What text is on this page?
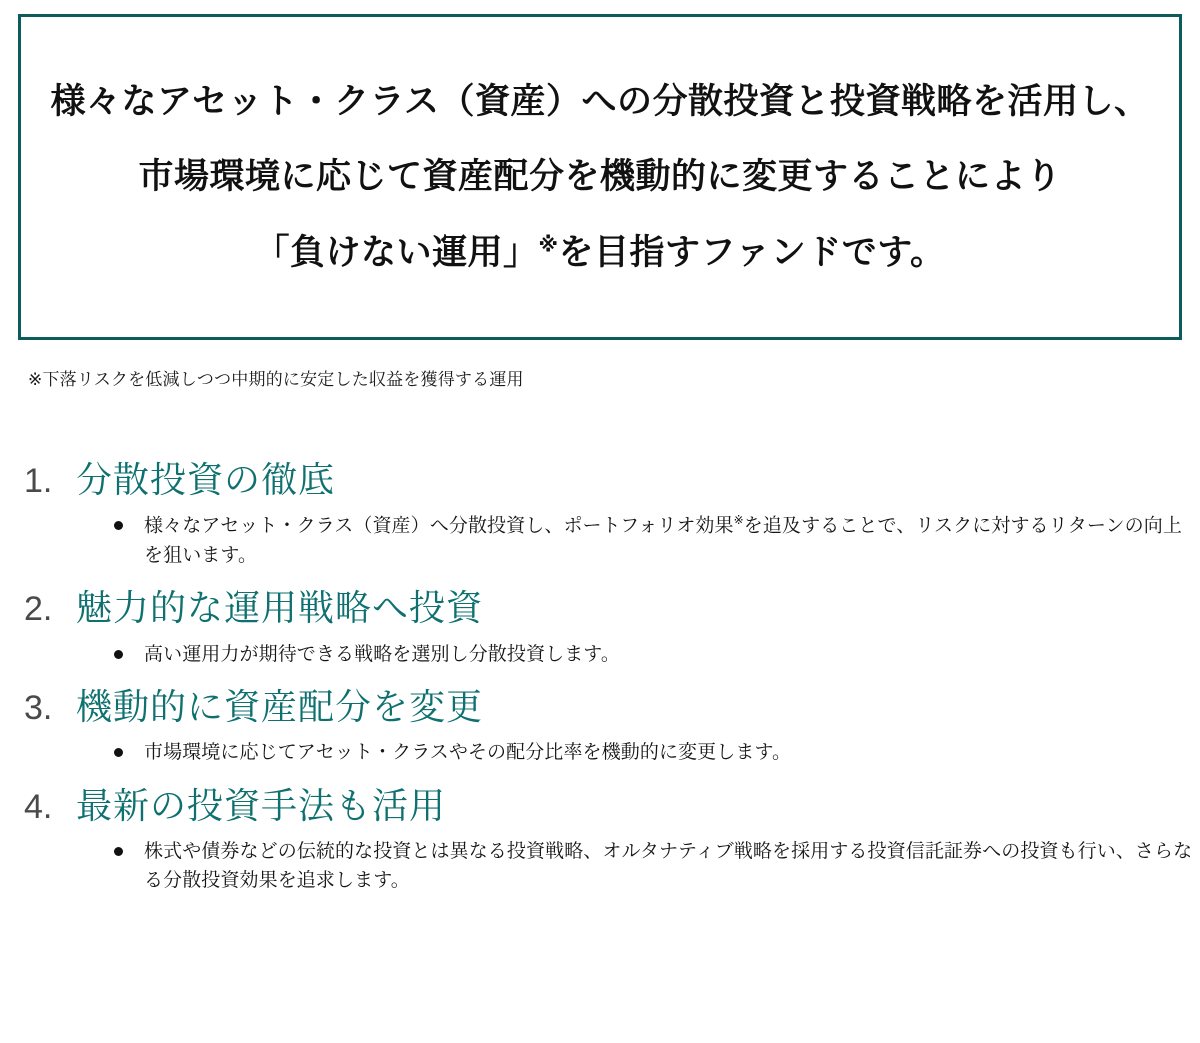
様々なアセット・クラス（資産）への分散投資と投資戦略を活用し、
市場環境に応じて資産配分を機動的に変更することにより
「負けない運用」※を目指すファンドです。
※下落リスクを低減しつつ中期的に安定した収益を獲得する運用
1. 分散投資の徹底
様々なアセット・クラス（資産）へ分散投資し、ポートフォリオ効果※を追及することで、リスクに対するリターンの向上を狙います。
2. 魅力的な運用戦略へ投資
高い運用力が期待できる戦略を選別し分散投資します。
3. 機動的に資産配分を変更
市場環境に応じてアセット・クラスやその配分比率を機動的に変更します。
4. 最新の投資手法も活用
株式や債券などの伝統的な投資とは異なる投資戦略、オルタナティブ戦略を採用する投資信託証券への投資も行い、さらなる分散投資効果を追求します。
